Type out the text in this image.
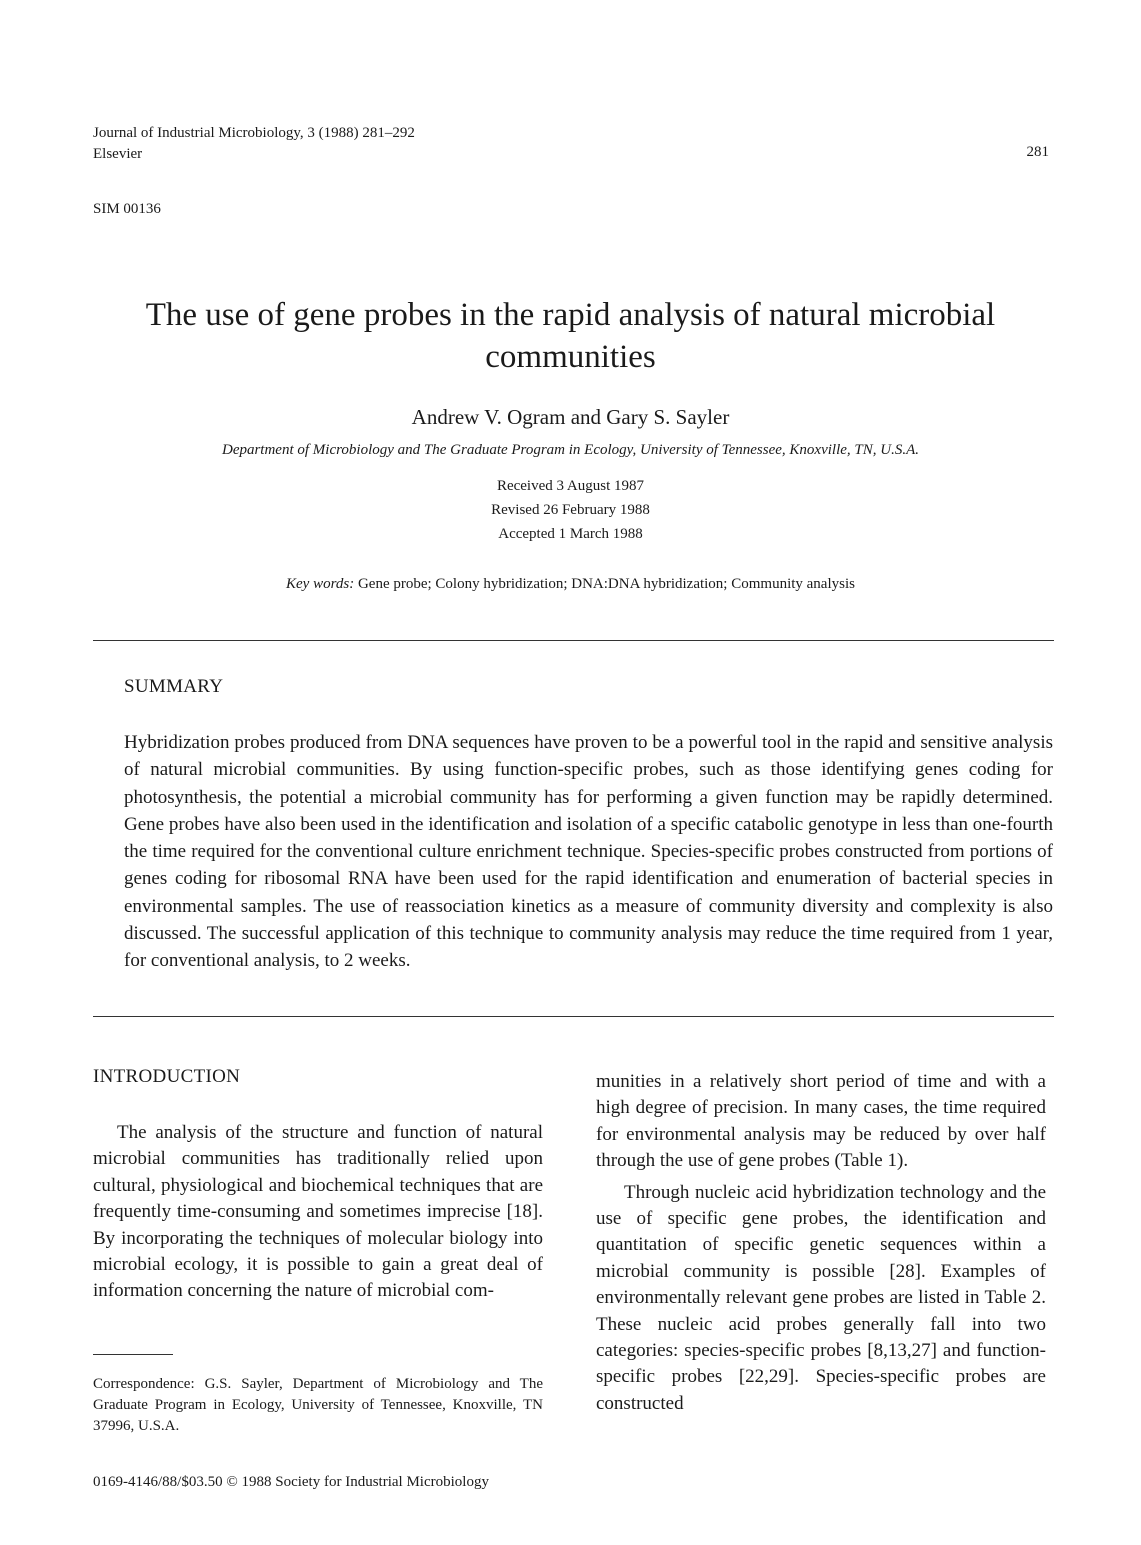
Journal of Industrial Microbiology, 3 (1988) 281–292
Elsevier	281
SIM 00136
The use of gene probes in the rapid analysis of natural microbial communities
Andrew V. Ogram and Gary S. Sayler
Department of Microbiology and The Graduate Program in Ecology, University of Tennessee, Knoxville, TN, U.S.A.
Received 3 August 1987
Revised 26 February 1988
Accepted 1 March 1988
Key words: Gene probe; Colony hybridization; DNA:DNA hybridization; Community analysis
SUMMARY
Hybridization probes produced from DNA sequences have proven to be a powerful tool in the rapid and sensitive analysis of natural microbial communities. By using function-specific probes, such as those identifying genes coding for photosynthesis, the potential a microbial community has for performing a given function may be rapidly determined. Gene probes have also been used in the identification and isolation of a specific catabolic genotype in less than one-fourth the time required for the conventional culture enrichment technique. Species-specific probes constructed from portions of genes coding for ribosomal RNA have been used for the rapid identification and enumeration of bacterial species in environmental samples. The use of reassociation kinetics as a measure of community diversity and complexity is also discussed. The successful application of this technique to community analysis may reduce the time required from 1 year, for conventional analysis, to 2 weeks.
INTRODUCTION

The analysis of the structure and function of natural microbial communities has traditionally relied upon cultural, physiological and biochemical techniques that are frequently time-consuming and sometimes imprecise [18]. By incorporating the techniques of molecular biology into microbial ecology, it is possible to gain a great deal of information concerning the nature of microbial com-

Correspondence: G.S. Sayler, Department of Microbiology and The Graduate Program in Ecology, University of Tennessee, Knoxville, TN 37996, U.S.A.
0169-4146/88/$03.50 © 1988 Society for Industrial Microbiology

munities in a relatively short period of time and with a high degree of precision. In many cases, the time required for environmental analysis may be reduced by over half through the use of gene probes (Table 1).

Through nucleic acid hybridization technology and the use of specific gene probes, the identification and quantitation of specific genetic sequences within a microbial community is possible [28]. Examples of environmentally relevant gene probes are listed in Table 2. These nucleic acid probes generally fall into two categories: species-specific probes [8,13,27] and function-specific probes [22,29]. Species-specific probes are constructed
